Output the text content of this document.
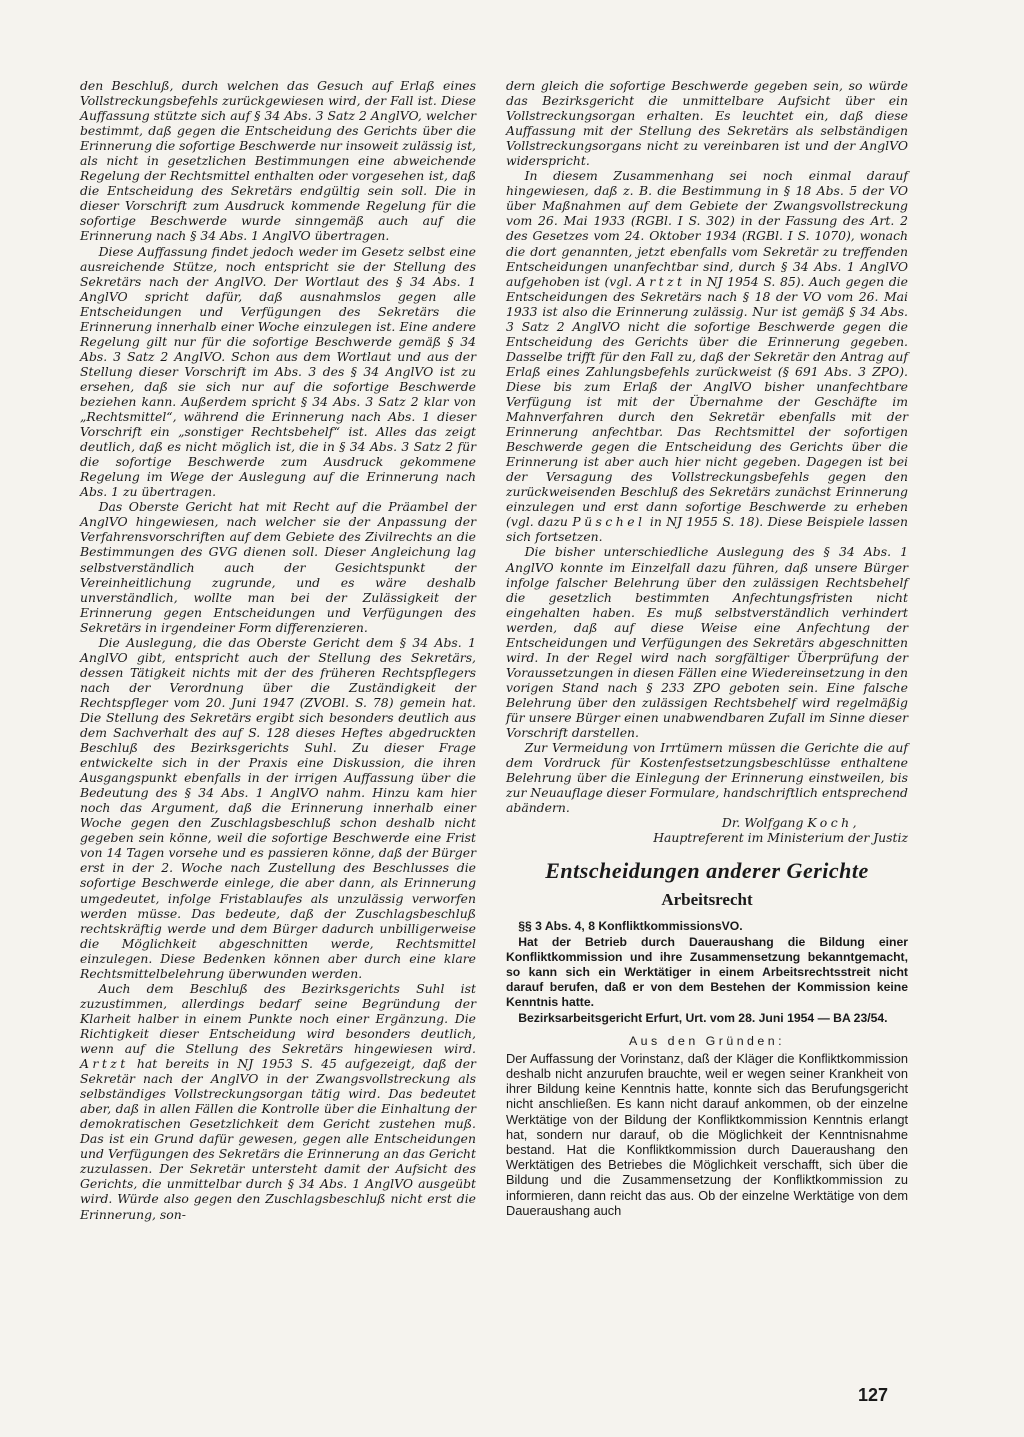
den Beschluß, durch welchen das Gesuch auf Erlaß eines Vollstreckungsbefehls zurückgewiesen wird, der Fall ist. Diese Auffassung stützte sich auf § 34 Abs. 3 Satz 2 AnglVO, welcher bestimmt, daß gegen die Entscheidung des Gerichts über die Erinnerung die sofortige Beschwerde nur insoweit zulässig ist, als nicht in gesetzlichen Bestimmungen eine abweichende Regelung der Rechtsmittel enthalten oder vorgesehen ist, daß die Entscheidung des Sekretärs endgültig sein soll. Die in dieser Vorschrift zum Ausdruck kommende Regelung für die sofortige Beschwerde wurde sinngemäß auch auf die Erinnerung nach § 34 Abs. 1 AnglVO übertragen.

Diese Auffassung findet jedoch weder im Gesetz selbst eine ausreichende Stütze, noch entspricht sie der Stellung des Sekretärs nach der AnglVO. Der Wortlaut des § 34 Abs. 1 AnglVO spricht dafür, daß ausnahmslos gegen alle Entscheidungen und Verfügungen des Sekretärs die Erinnerung innerhalb einer Woche einzulegen ist. Eine andere Regelung gilt nur für die sofortige Beschwerde gemäß § 34 Abs. 3 Satz 2 AnglVO. Schon aus dem Wortlaut und aus der Stellung dieser Vorschrift im Abs. 3 des § 34 AnglVO ist zu ersehen, daß sie sich nur auf die sofortige Beschwerde beziehen kann. Außerdem spricht § 34 Abs. 3 Satz 2 klar von „Rechtsmittel“, während die Erinnerung nach Abs. 1 dieser Vorschrift ein „sonstiger Rechtsbehelf“ ist. Alles das zeigt deutlich, daß es nicht möglich ist, die in § 34 Abs. 3 Satz 2 für die sofortige Beschwerde zum Ausdruck gekommene Regelung im Wege der Auslegung auf die Erinnerung nach Abs. 1 zu übertragen.

Das Oberste Gericht hat mit Recht auf die Präambel der AnglVO hingewiesen, nach welcher sie der Anpassung der Verfahrensvorschriften auf dem Gebiete des Zivilrechts an die Bestimmungen des GVG dienen soll. Dieser Angleichung lag selbstverständlich auch der Gesichtspunkt der Vereinheitlichung zugrunde, und es wäre deshalb unverständlich, wollte man bei der Zulässigkeit der Erinnerung gegen Entscheidungen und Verfügungen des Sekretärs in irgendeiner Form differenzieren.

Die Auslegung, die das Oberste Gericht dem § 34 Abs. 1 AnglVO gibt, entspricht auch der Stellung des Sekretärs, dessen Tätigkeit nichts mit der des früheren Rechtspflegers nach der Verordnung über die Zuständigkeit der Rechtspfleger vom 20. Juni 1947 (ZVOBl. S. 78) gemein hat. Die Stellung des Sekretärs ergibt sich besonders deutlich aus dem Sachverhalt des auf S. 128 dieses Heftes abgedruckten Beschluß des Bezirksgerichts Suhl. Zu dieser Frage entwickelte sich in der Praxis eine Diskussion, die ihren Ausgangspunkt ebenfalls in der irrigen Auffassung über die Bedeutung des § 34 Abs. 1 AnglVO nahm. Hinzu kam hier noch das Argument, daß die Erinnerung innerhalb einer Woche gegen den Zuschlagsbeschluß schon deshalb nicht gegeben sein könne, weil die sofortige Beschwerde eine Frist von 14 Tagen vorsehe und es passieren könne, daß der Bürger erst in der 2. Woche nach Zustellung des Beschlusses die sofortige Beschwerde einlege, die aber dann, als Erinnerung umgedeutet, infolge Fristablaufes als unzulässig verworfen werden müsse. Das bedeute, daß der Zuschlagsbeschluß rechtskräftig werde und dem Bürger dadurch unbilligerweise die Möglichkeit abgeschnitten werde, Rechtsmittel einzulegen. Diese Bedenken können aber durch eine klare Rechtsmittelbelehrung überwunden werden.

Auch dem Beschluß des Bezirksgerichts Suhl ist zuzustimmen, allerdings bedarf seine Begründung der Klarheit halber in einem Punkte noch einer Ergänzung. Die Richtigkeit dieser Entscheidung wird besonders deutlich, wenn auf die Stellung des Sekretärs hingewiesen wird. Artzt hat bereits in NJ 1953 S. 45 aufgezeigt, daß der Sekretär nach der AnglVO in der Zwangsvollstreckung als selbständiges Vollstreckungsorgan tätig wird. Das bedeutet aber, daß in allen Fällen die Kontrolle über die Einhaltung der demokratischen Gesetzlichkeit dem Gericht zustehen muß. Das ist ein Grund dafür gewesen, gegen alle Entscheidungen und Verfügungen des Sekretärs die Erinnerung an das Gericht zuzulassen. Der Sekretär untersteht damit der Aufsicht des Gerichts, die unmittelbar durch § 34 Abs. 1 AnglVO ausgeübt wird. Würde also gegen den Zuschlagsbeschluß nicht erst die Erinnerung, son-

dern gleich die sofortige Beschwerde gegeben sein, so würde das Bezirksgericht die unmittelbare Aufsicht über ein Vollstreckungsorgan erhalten. Es leuchtet ein, daß diese Auffassung mit der Stellung des Sekretärs als selbständigen Vollstreckungsorgans nicht zu vereinbaren ist und der AnglVO widerspricht.

In diesem Zusammenhang sei noch einmal darauf hingewiesen, daß z. B. die Bestimmung in § 18 Abs. 5 der VO über Maßnahmen auf dem Gebiete der Zwangsvollstreckung vom 26. Mai 1933 (RGBl. I S. 302) in der Fassung des Art. 2 des Gesetzes vom 24. Oktober 1934 (RGBl. I S. 1070), wonach die dort genannten, jetzt ebenfalls vom Sekretär zu treffenden Entscheidungen unanfechtbar sind, durch § 34 Abs. 1 AnglVO aufgehoben ist (vgl. Artzt in NJ 1954 S. 85). Auch gegen die Entscheidungen des Sekretärs nach § 18 der VO vom 26. Mai 1933 ist also die Erinnerung zulässig. Nur ist gemäß § 34 Abs. 3 Satz 2 AnglVO nicht die sofortige Beschwerde gegen die Entscheidung des Gerichts über die Erinnerung gegeben. Dasselbe trifft für den Fall zu, daß der Sekretär den Antrag auf Erlaß eines Zahlungsbefehls zurückweist (§ 691 Abs. 3 ZPO). Diese bis zum Erlaß der AnglVO bisher unanfechtbare Verfügung ist mit der Übernahme der Geschäfte im Mahnverfahren durch den Sekretär ebenfalls mit der Erinnerung anfechtbar. Das Rechtsmittel der sofortigen Beschwerde gegen die Entscheidung des Gerichts über die Erinnerung ist aber auch hier nicht gegeben. Dagegen ist bei der Versagung des Vollstreckungsbefehls gegen den zurückweisenden Beschluß des Sekretärs zunächst Erinnerung einzulegen und erst dann sofortige Beschwerde zu erheben (vgl. dazu Püschel in NJ 1955 S. 18). Diese Beispiele lassen sich fortsetzen.

Die bisher unterschiedliche Auslegung des § 34 Abs. 1 AnglVO konnte im Einzelfall dazu führen, daß unsere Bürger infolge falscher Belehrung über den zulässigen Rechtsbehelf die gesetzlich bestimmten Anfechtungsfristen nicht eingehalten haben. Es muß selbstverständlich verhindert werden, daß auf diese Weise eine Anfechtung der Entscheidungen und Verfügungen des Sekretärs abgeschnitten wird. In der Regel wird nach sorgfältiger Überprüfung der Voraussetzungen in diesen Fällen eine Wiedereinsetzung in den vorigen Stand nach § 233 ZPO geboten sein. Eine falsche Belehrung über den zulässigen Rechtsbehelf wird regelmäßig für unsere Bürger einen unabwendbaren Zufall im Sinne dieser Vorschrift darstellen.

Zur Vermeidung von Irrtümern müssen die Gerichte die auf dem Vordruck für Kostenfestsetzungsbeschlüsse enthaltene Belehrung über die Einlegung der Erinnerung einstweilen, bis zur Neuauflage dieser Formulare, handschriftlich entsprechend abändern.

Dr. Wolfgang Koch,

Hauptreferent im Ministerium der Justiz

Entscheidungen anderer Gerichte
Arbeitsrecht

§§ 3 Abs. 4, 8 KonfliktkommissionsVO.

Hat der Betrieb durch Daueraushang die Bildung einer Konfliktkommission und ihre Zusammensetzung bekanntgemacht, so kann sich ein Werktätiger in einem Arbeitsrechtsstreit nicht darauf berufen, daß er von dem Bestehen der Kommission keine Kenntnis hatte.

Bezirksarbeitsgericht Erfurt, Urt. vom 28. Juni 1954 — BA 23/54.

Aus den Gründen:

Der Auffassung der Vorinstanz, daß der Kläger die Konfliktkommission deshalb nicht anzurufen brauchte, weil er wegen seiner Krankheit von ihrer Bildung keine Kenntnis hatte, konnte sich das Berufungsgericht nicht anschließen. Es kann nicht darauf ankommen, ob der einzelne Werktätige von der Bildung der Konfliktkommission Kenntnis erlangt hat, sondern nur darauf, ob die Möglichkeit der Kenntnisnahme bestand. Hat die Konfliktkommission durch Daueraushang den Werktätigen des Betriebes die Möglichkeit verschafft, sich über die Bildung und die Zusammensetzung der Konfliktkommission zu informieren, dann reicht das aus. Ob der einzelne Werktätige von dem Daueraushang auch

127
